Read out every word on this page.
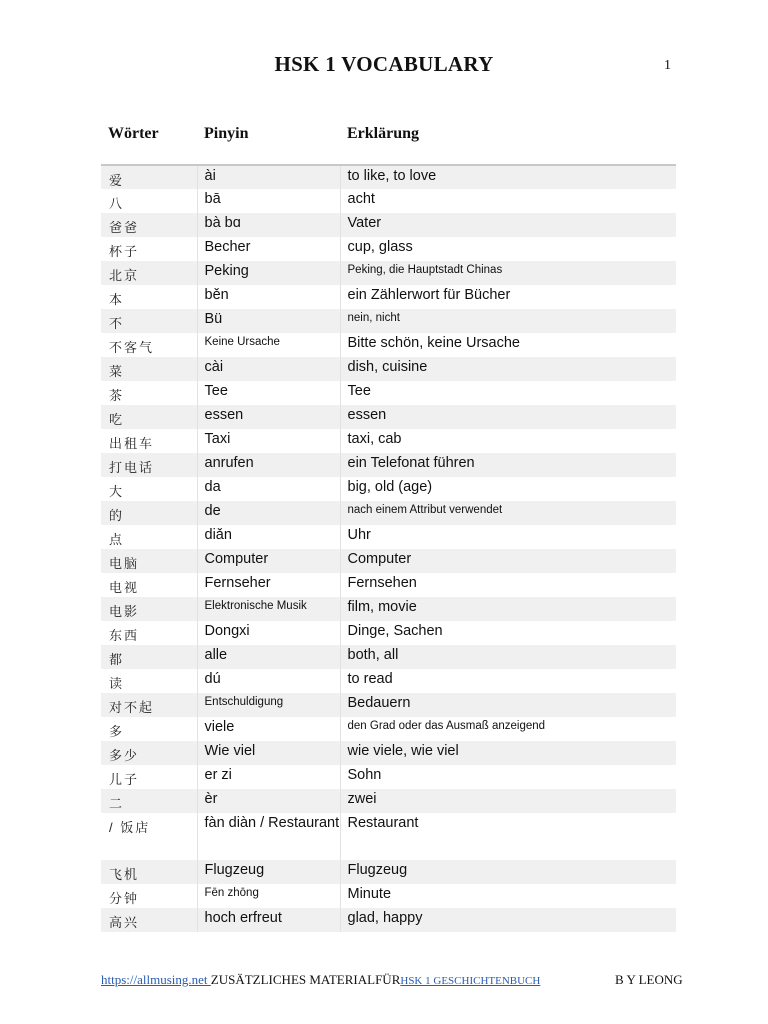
HSK 1 VOCABULARY	1
Wörter	Pinyin	Erklärung
爱	ài	to like, to love
八	bā	acht
爸爸	bà bɑ	Vater
杯子	Becher	cup, glass
北京	Peking	Peking, die Hauptstadt Chinas
本	běn	ein Zählerwort für Bücher
不	Bü	nein, nicht
不客气	Keine Ursache	Bitte schön, keine Ursache
菜	cài	dish, cuisine
茶	Tee	Tee
吃	essen	essen
出租车	Taxi	taxi, cab
打电话	anrufen	ein Telefonat führen
大	da	big, old (age)
的	de	nach einem Attribut verwendet
点	diǎn	Uhr
电脑	Computer	Computer
电视	Fernseher	Fernsehen
电影	Elektronische Musik	film, movie
东西	Dongxi	Dinge, Sachen
都	alle	both, all
读	dú	to read
对不起	Entschuldigung	Bedauern
多	viele	den Grad oder das Ausmaß anzeigend
多少	Wie viel	wie viele, wie viel
儿子	er zi	Sohn
二	èr	zwei
/ 饭店	fàn diàn / Restaurant	Restaurant
飞机	Flugzeug	Flugzeug
分钟	Fēn zhōng	Minute
高兴	hoch erfreut	glad, happy
https://allmusing.net ZUSÄTZLICHES MATERIALFÜRHSK 1 GESCHICHTENBUCH	B Y LEONG
